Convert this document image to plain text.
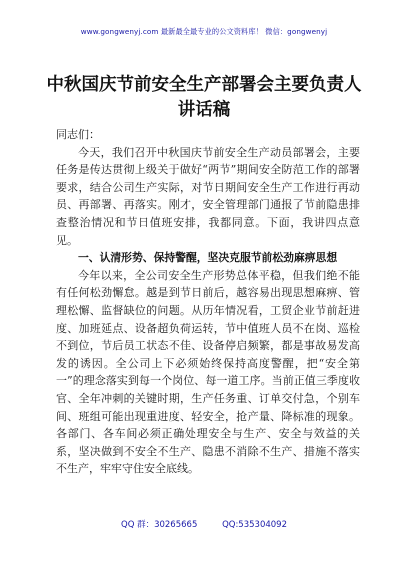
www.gongwenyj.com 最新最全最专业的公文资料库！ 微信：gongwenyj
中秋国庆节前安全生产部署会主要负责人讲话稿

同志们：

今天，我们召开中秋国庆节前安全生产动员部署会，主要任务是传达贯彻上级关于做好“两节”期间安全防范工作的部署要求，结合公司生产实际，对节日期间安全生产工作进行再动员、再部署、再落实。刚才，安全管理部门通报了节前隐患排查整治情况和节日值班安排，我都同意。下面，我讲四点意见。

一、认清形势、保持警醒，坚决克服节前松劲麻痹思想

今年以来，全公司安全生产形势总体平稳，但我们绝不能有任何松劲懈怠。越是到节日前后，越容易出现思想麻痹、管理松懈、监督缺位的问题。从历年情况看，工贸企业节前赶进度、加班延点、设备超负荷运转，节中值班人员不在岗、巡检不到位，节后员工状态不佳、设备停启频繁，都是事故易发高发的诱因。全公司上下必须始终保持高度警醒，把“安全第一”的理念落实到每一个岗位、每一道工序。当前正值三季度收官、全年冲刺的关键时期，生产任务重、订单交付急，个别车间、班组可能出现重进度、轻安全，抢产量、降标准的现象。各部门、各车间必须正确处理安全与生产、安全与效益的关系，坚决做到不安全不生产、隐患不消除不生产、措施不落实不生产，牢牢守住安全底线。

QQ 群：30265665	QQ:535304092
